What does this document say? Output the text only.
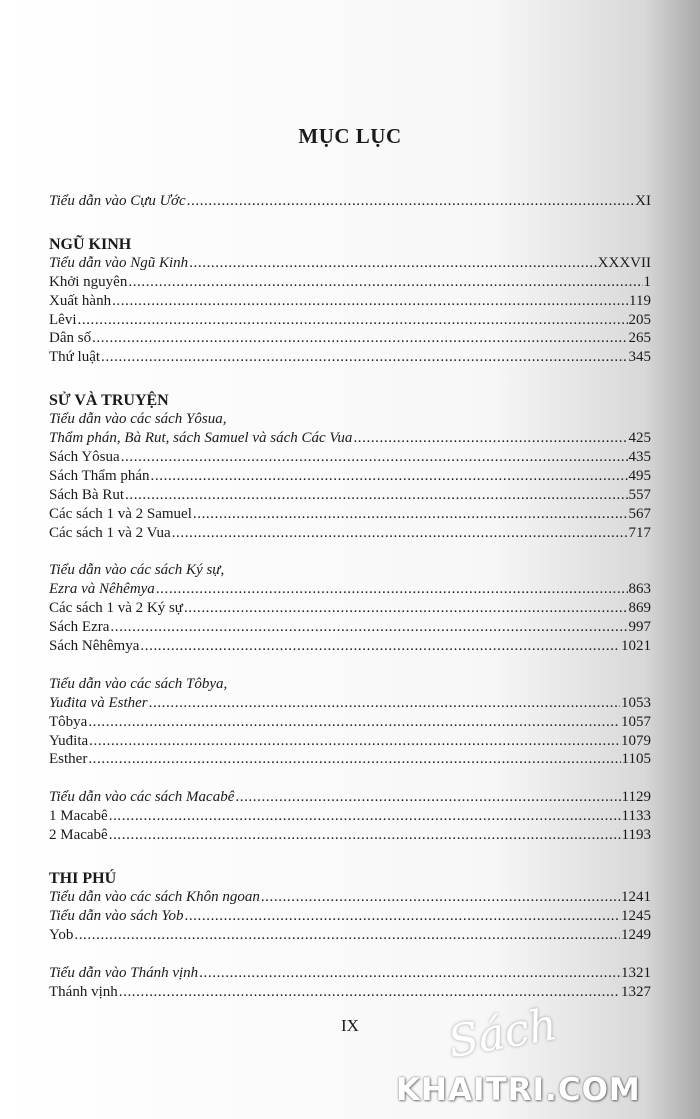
MỤC LỤC
Tiểu dẫn vào Cựu Ước .....	XI
NGŨ KINH
Tiểu dẫn vào Ngũ Kinh .....	XXXVII
Khởi nguyên .....	1
Xuất hành .....	119
Lêvi .....	205
Dân số .....	265
Thứ luật .....	345
SỬ VÀ TRUYỆN
Tiểu dẫn vào các sách Yôsua,
Thẩm phán, Bà Rut, sách Samuel và sách Các Vua .....	425
Sách Yôsua .....	435
Sách Thẩm phán .....	495
Sách Bà Rut .....	557
Các sách 1 và 2 Samuel .....	567
Các sách 1 và 2 Vua .....	717
Tiểu dẫn vào các sách Ký sự,
Ezra và Nêhêmya .....	863
Các sách 1 và 2 Ký sự .....	869
Sách Ezra .....	997
Sách Nêhêmya .....	1021
Tiểu dẫn vào các sách Tôbya,
Yuđita và Esther .....	1053
Tôbya .....	1057
Yuđita .....	1079
Esther .....	1105
Tiểu dẫn vào các sách Macabê .....	1129
1 Macabê .....	1133
2 Macabê .....	1193
THI PHÚ
Tiểu dẫn vào các sách Khôn ngoan .....	1241
Tiểu dẫn vào sách Yob .....	1245
Yob .....	1249
Tiểu dẫn vào Thánh vịnh .....	1321
Thánh vịnh .....	1327
IX	Sách
KHAITRI.COM
